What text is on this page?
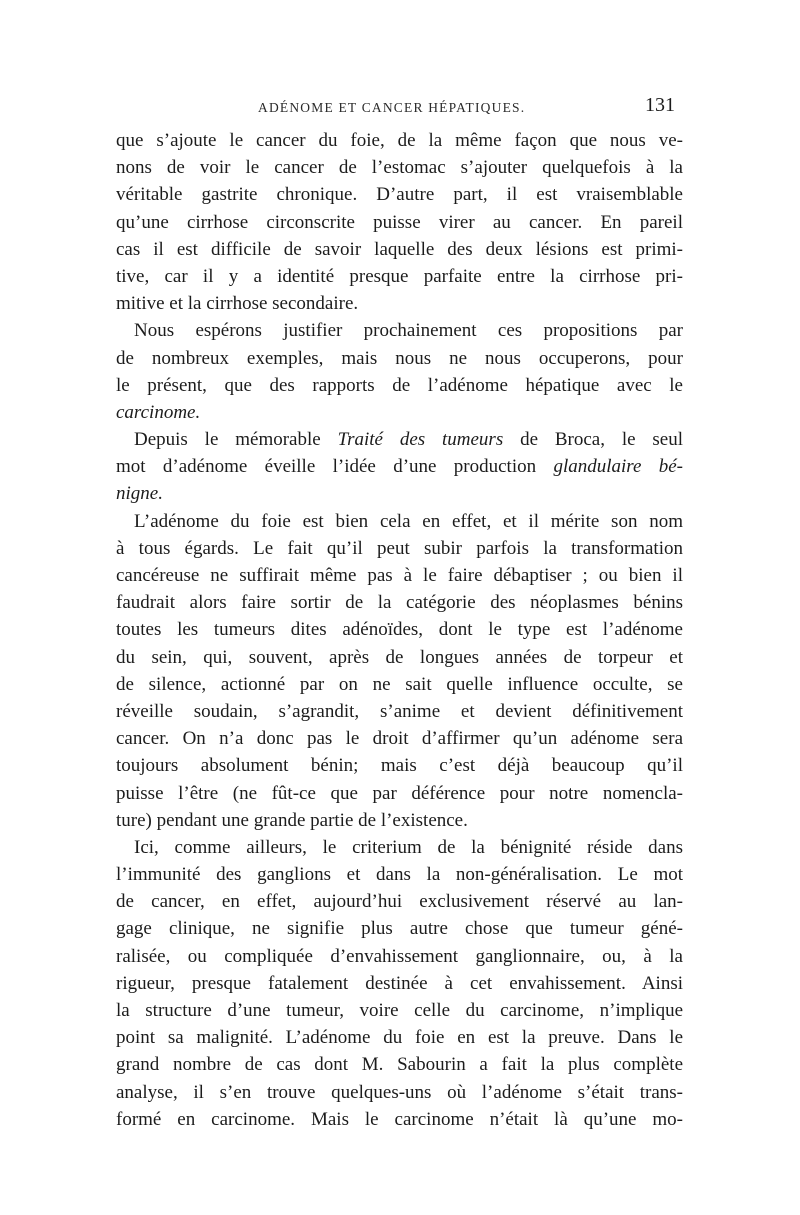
ADÉNOME ET CANCER HÉPATIQUES.	131
que s’ajoute le cancer du foie, de la même façon que nous ve-
nons de voir le cancer de l’estomac s’ajouter quelquefois à la
véritable gastrite chronique. D’autre part, il est vraisemblable
qu’une cirrhose circonscrite puisse virer au cancer. En pareil
cas il est difficile de savoir laquelle des deux lésions est primi-
tive, car il y a identité presque parfaite entre la cirrhose pri-
mitive et la cirrhose secondaire.
Nous espérons justifier prochainement ces propositions par
de nombreux exemples, mais nous ne nous occuperons, pour
le présent, que des rapports de l’adénome hépatique avec le
carcinome.
Depuis le mémorable Traité des tumeurs de Broca, le seul
mot d’adénome éveille l’idée d’une production glandulaire bé-
nigne.
L’adénome du foie est bien cela en effet, et il mérite son nom
à tous égards. Le fait qu’il peut subir parfois la transformation
cancéreuse ne suffirait même pas à le faire débaptiser ; ou bien il
faudrait alors faire sortir de la catégorie des néoplasmes bénins
toutes les tumeurs dites adénoïdes, dont le type est l’adénome
du sein, qui, souvent, après de longues années de torpeur et
de silence, actionné par on ne sait quelle influence occulte, se
réveille soudain, s’agrandit, s’anime et devient définitivement
cancer. On n’a donc pas le droit d’affirmer qu’un adénome sera
toujours absolument bénin; mais c’est déjà beaucoup qu’il
puisse l’être (ne fût-ce que par déférence pour notre nomencla-
ture) pendant une grande partie de l’existence.
Ici, comme ailleurs, le criterium de la bénignité réside dans
l’immunité des ganglions et dans la non-généralisation. Le mot
de cancer, en effet, aujourd’hui exclusivement réservé au lan-
gage clinique, ne signifie plus autre chose que tumeur géné-
ralisée, ou compliquée d’envahissement ganglionnaire, ou, à la
rigueur, presque fatalement destinée à cet envahissement. Ainsi
la structure d’une tumeur, voire celle du carcinome, n’implique
point sa malignité. L’adénome du foie en est la preuve. Dans le
grand nombre de cas dont M. Sabourin a fait la plus complète
analyse, il s’en trouve quelques-uns où l’adénome s’était trans-
formé en carcinome. Mais le carcinome n’était là qu’une mo-
